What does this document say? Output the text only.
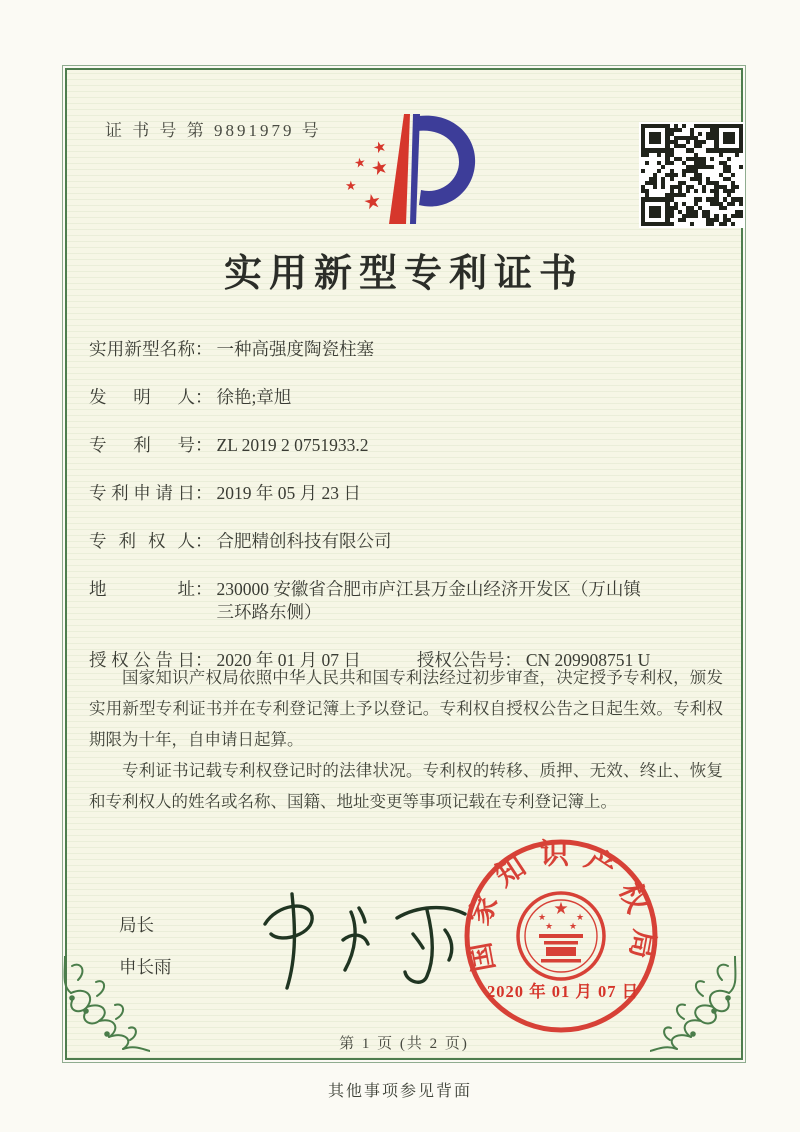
证 书 号 第 9891979 号
★
★ ★
★
★
实用新型专利证书
实用新型名称 ： 一种高强度陶瓷柱塞
发明人 ： 徐艳;章旭
专利号 ： ZL 2019 2 0751933.2
专利申请日 ： 2019 年 05 月 23 日
专利权人 ： 合肥精创科技有限公司
地址 ： 230000 安徽省合肥市庐江县万金山经济开发区（万山镇三环路东侧）
授权公告日 ： 2020 年 01 月 07 日	授权公告号 ： CN 209908751 U

国家知识产权局依照中华人民共和国专利法经过初步审查，决定授予专利权，颁发实用新型专利证书并在专利登记簿上予以登记。专利权自授权公告之日起生效。专利权期限为十年，自申请日起算。

专利证书记载专利权登记时的法律状况。专利权的转移、质押、无效、终止、恢复和专利权人的姓名或名称、国籍、地址变更等事项记载在专利登记簿上。

局长
申长雨	国家知识产权局
★
★	★
★ ★
2020 年 01 月 07 日
第 1 页 (共 2 页)
其他事项参见背面
